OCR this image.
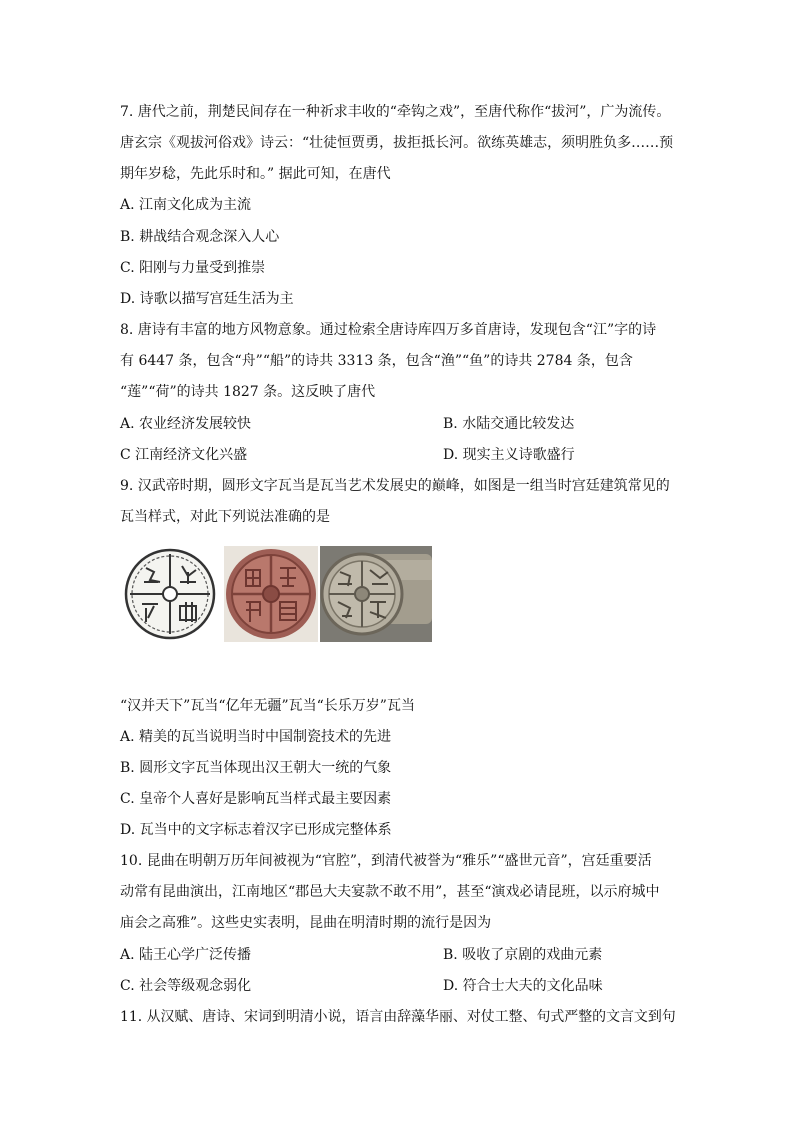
7. 唐代之前，荆楚民间存在一种祈求丰收的“牵钩之戏”，至唐代称作“拔河”，广为流传。
唐玄宗《观拔河俗戏》诗云：“壮徒恒贾勇，拔拒抵长河。欲练英雄志，须明胜负多……预
期年岁稔，先此乐时和。” 据此可知，在唐代
A. 江南文化成为主流
B. 耕战结合观念深入人心
C. 阳刚与力量受到推崇
D. 诗歌以描写宫廷生活为主
8. 唐诗有丰富的地方风物意象。通过检索全唐诗库四万多首唐诗，发现包含“江”字的诗
有 6447 条，包含“舟”“船”的诗共 3313 条，包含“渔”“鱼”的诗共 2784 条，包含
“莲”“荷”的诗共 1827 条。这反映了唐代
A. 农业经济发展较快	B. 水陆交通比较发达
C 江南经济文化兴盛	D. 现实主义诗歌盛行
9. 汉武帝时期，圆形文字瓦当是瓦当艺术发展史的巅峰，如图是一组当时宫廷建筑常见的
瓦当样式，对此下列说法准确的是
“汉并天下”瓦当“亿年无疆”瓦当“长乐万岁”瓦当
A. 精美的瓦当说明当时中国制瓷技术的先进
B. 圆形文字瓦当体现出汉王朝大一统的气象
C. 皇帝个人喜好是影响瓦当样式最主要因素
D. 瓦当中的文字标志着汉字已形成完整体系
10. 昆曲在明朝万历年间被视为“官腔”，到清代被誉为“雅乐”“盛世元音”，宫廷重要活
动常有昆曲演出，江南地区“郡邑大夫宴款不敢不用”，甚至“演戏必请昆班，以示府城中
庙会之高雅”。这些史实表明，昆曲在明清时期的流行是因为
A. 陆王心学广泛传播	B. 吸收了京剧的戏曲元素
C. 社会等级观念弱化	D. 符合士大夫的文化品味
11. 从汉赋、唐诗、宋词到明清小说，语言由辞藻华丽、对仗工整、句式严整的文言文到句
